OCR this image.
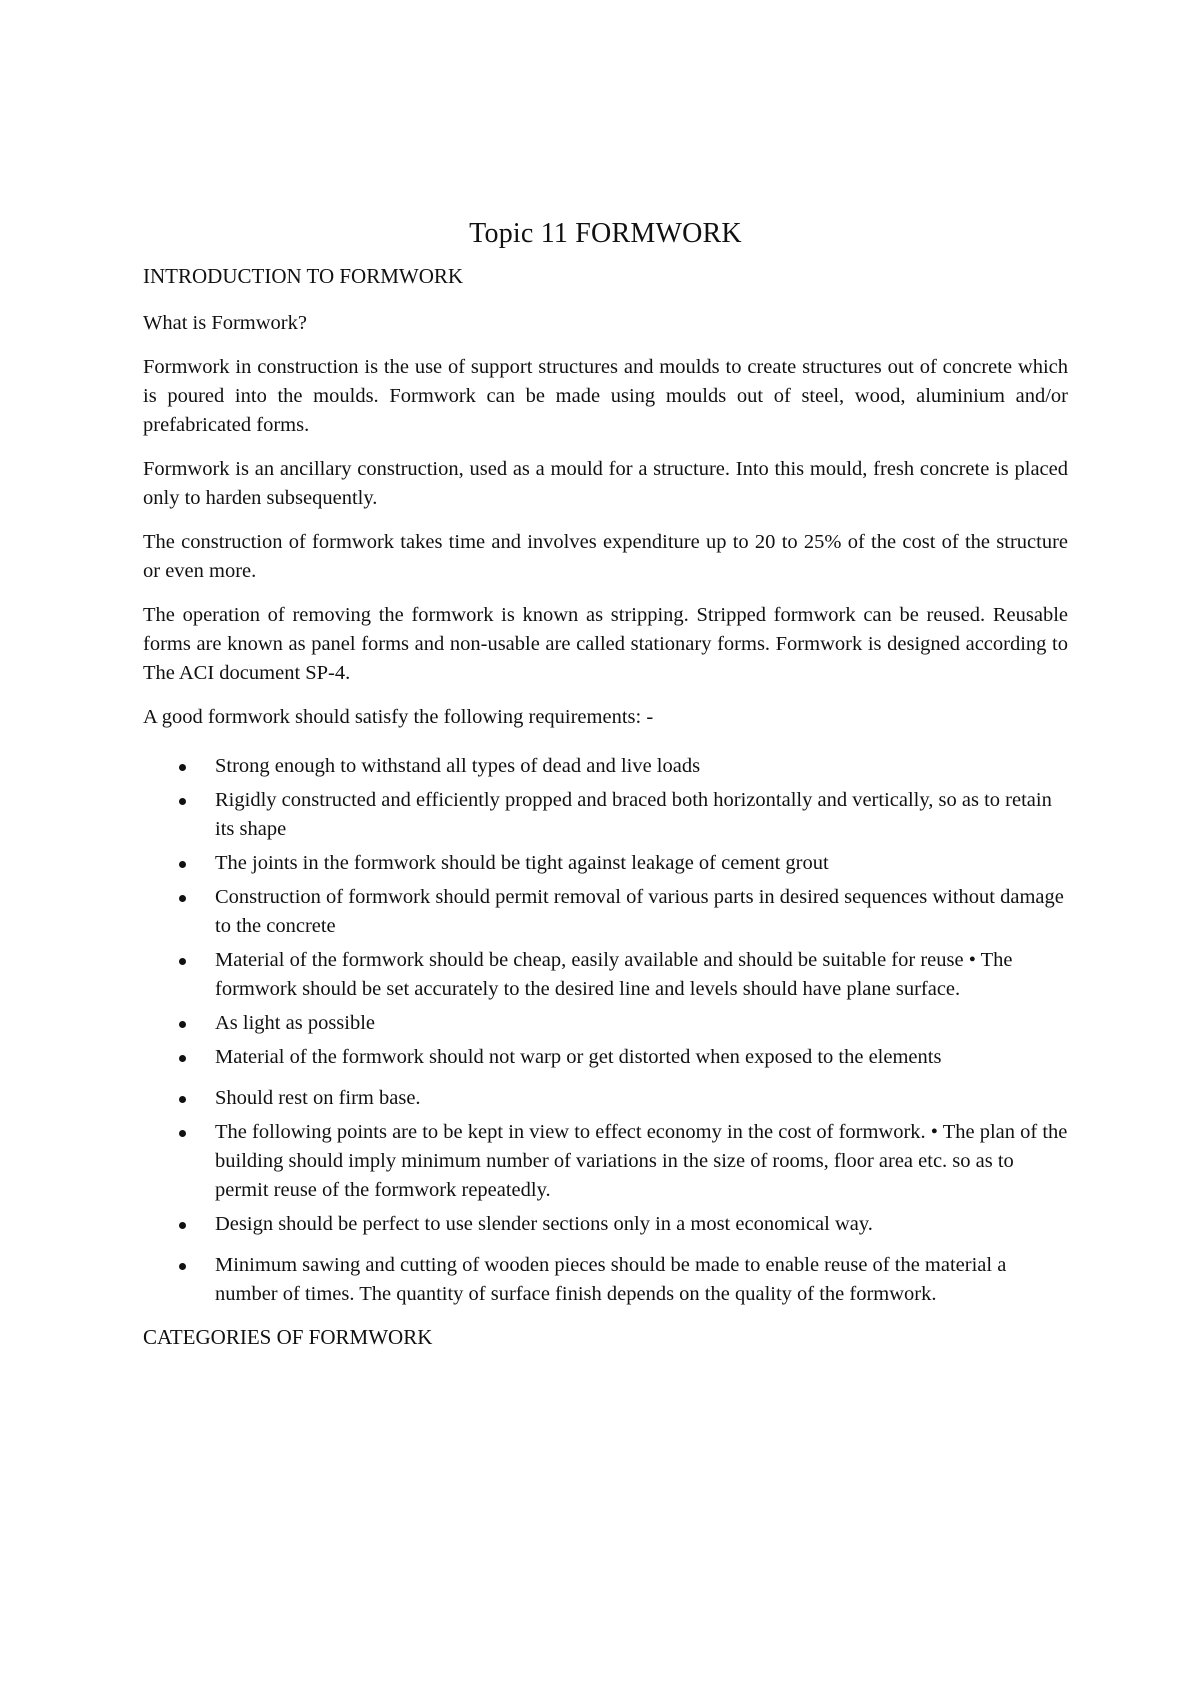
Topic 11 FORMWORK
INTRODUCTION TO FORMWORK

What is Formwork?

Formwork in construction is the use of support structures and moulds to create structures out of concrete which is poured into the moulds. Formwork can be made using moulds out of steel, wood, aluminium and/or prefabricated forms.

Formwork is an ancillary construction, used as a mould for a structure. Into this mould, fresh concrete is placed only to harden subsequently.

The construction of formwork takes time and involves expenditure up to 20 to 25% of the cost of the structure or even more.

The operation of removing the formwork is known as stripping. Stripped formwork can be reused. Reusable forms are known as panel forms and non-usable are called stationary forms. Formwork is designed according to The ACI document SP-4.

A good formwork should satisfy the following requirements: -

Strong enough to withstand all types of dead and live loads
Rigidly constructed and efficiently propped and braced both horizontally and vertically, so as to retain its shape
The joints in the formwork should be tight against leakage of cement grout
Construction of formwork should permit removal of various parts in desired sequences without damage to the concrete
Material of the formwork should be cheap, easily available and should be suitable for reuse • The formwork should be set accurately to the desired line and levels should have plane surface.
As light as possible
Material of the formwork should not warp or get distorted when exposed to the elements
Should rest on firm base.
The following points are to be kept in view to effect economy in the cost of formwork. • The plan of the building should imply minimum number of variations in the size of rooms, floor area etc. so as to permit reuse of the formwork repeatedly.
Design should be perfect to use slender sections only in a most economical way.
Minimum sawing and cutting of wooden pieces should be made to enable reuse of the material a number of times. The quantity of surface finish depends on the quality of the formwork.
CATEGORIES OF FORMWORK
